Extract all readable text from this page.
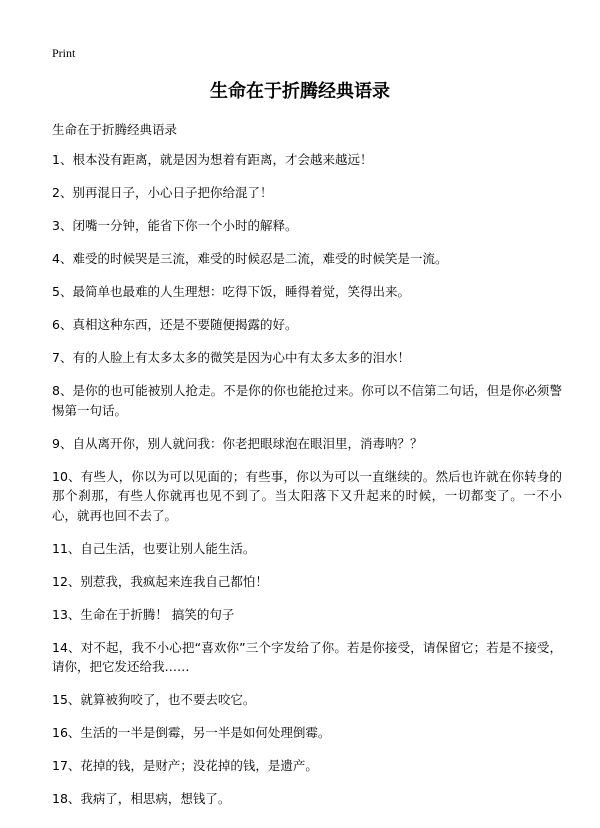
Print
生命在于折腾经典语录
生命在于折腾经典语录
1、根本没有距离，就是因为想着有距离，才会越来越远！
2、别再混日子，小心日子把你给混了！
3、闭嘴一分钟，能省下你一个小时的解释。
4、难受的时候哭是三流，难受的时候忍是二流，难受的时候笑是一流。
5、最简单也最难的人生理想：吃得下饭，睡得着觉，笑得出来。
6、真相这种东西，还是不要随便揭露的好。
7、有的人脸上有太多太多的微笑是因为心中有太多太多的泪水！
8、是你的也可能被别人抢走。不是你的你也能抢过来。你可以不信第二句话，但是你必须警惕第一句话。
9、自从离开你，别人就问我：你老把眼球泡在眼泪里，消毒呐？？
10、有些人，你以为可以见面的；有些事，你以为可以一直继续的。然后也许就在你转身的那个刹那，有些人你就再也见不到了。当太阳落下又升起来的时候，一切都变了。一不小心，就再也回不去了。
11、自己生活，也要让别人能生活。
12、别惹我，我疯起来连我自己都怕！
13、生命在于折腾！ 搞笑的句子
14、对不起，我不小心把“喜欢你”三个字发给了你。若是你接受，请保留它；若是不接受，请你，把它发还给我……
15、就算被狗咬了，也不要去咬它。
16、生活的一半是倒霉，另一半是如何处理倒霉。
17、花掉的钱，是财产；没花掉的钱，是遗产。
18、我病了，相思病，想钱了。
